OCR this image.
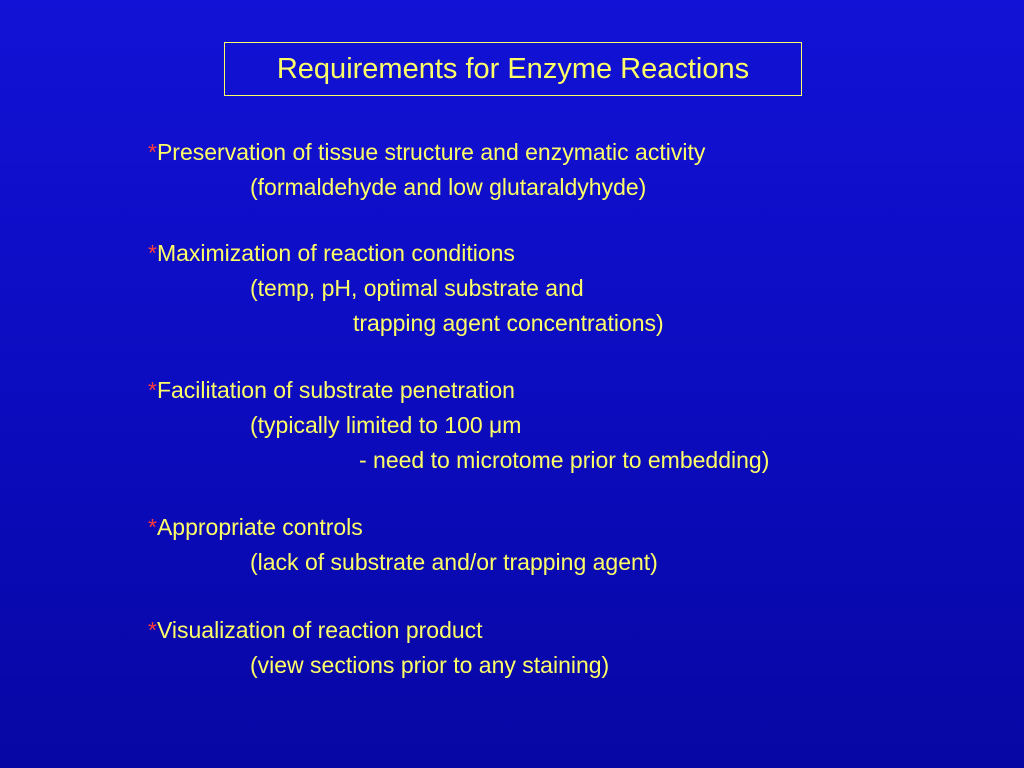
Requirements for Enzyme Reactions
*Preservation of tissue structure and enzymatic activity
(formaldehyde and low glutaraldyhyde)
*Maximization of reaction conditions
(temp, pH, optimal substrate and
trapping agent concentrations)
*Facilitation of substrate penetration
(typically limited to 100 μm
- need to microtome prior to embedding)
*Appropriate controls
(lack of substrate and/or trapping agent)
*Visualization of reaction product
(view sections prior to any staining)
